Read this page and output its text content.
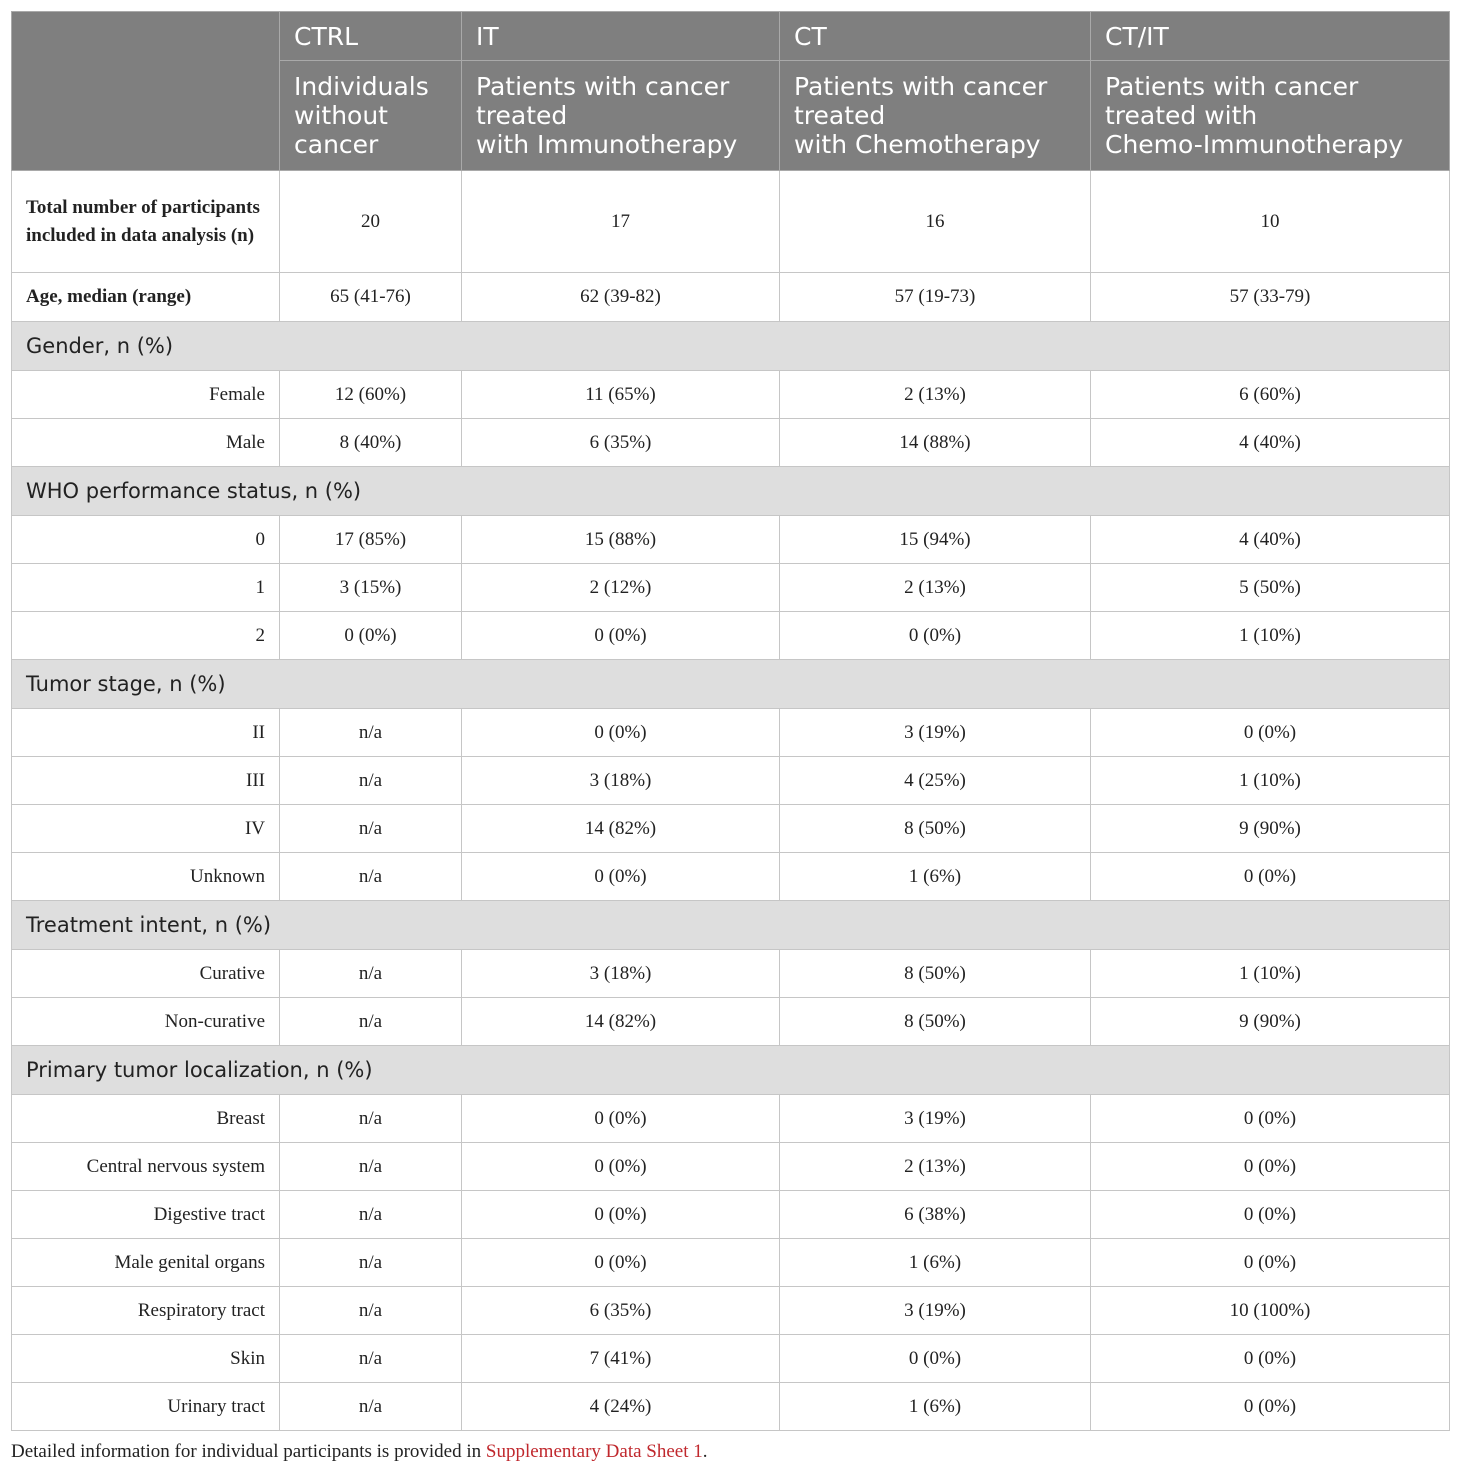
	CTRL	IT	CT	CT/IT
	Individuals
without
cancer	Patients with cancer
treated
with Immunotherapy	Patients with cancer
treated
with Chemotherapy	Patients with cancer
treated with
Chemo-Immunotherapy
Total number of participants included in data analysis (n)	20	17	16	10
Age, median (range)	65 (41-76)	62 (39-82)	57 (19-73)	57 (33-79)
Gender, n (%)				
Female	12 (60%)	11 (65%)	2 (13%)	6 (60%)
Male	8 (40%)	6 (35%)	14 (88%)	4 (40%)
WHO performance status, n (%)				
0	17 (85%)	15 (88%)	15 (94%)	4 (40%)
1	3 (15%)	2 (12%)	2 (13%)	5 (50%)
2	0 (0%)	0 (0%)	0 (0%)	1 (10%)
Tumor stage, n (%)				
II	n/a	0 (0%)	3 (19%)	0 (0%)
III	n/a	3 (18%)	4 (25%)	1 (10%)
IV	n/a	14 (82%)	8 (50%)	9 (90%)
Unknown	n/a	0 (0%)	1 (6%)	0 (0%)
Treatment intent, n (%)				
Curative	n/a	3 (18%)	8 (50%)	1 (10%)
Non-curative	n/a	14 (82%)	8 (50%)	9 (90%)
Primary tumor localization, n (%)				
Breast	n/a	0 (0%)	3 (19%)	0 (0%)
Central nervous system	n/a	0 (0%)	2 (13%)	0 (0%)
Digestive tract	n/a	0 (0%)	6 (38%)	0 (0%)
Male genital organs	n/a	0 (0%)	1 (6%)	0 (0%)
Respiratory tract	n/a	6 (35%)	3 (19%)	10 (100%)
Skin	n/a	7 (41%)	0 (0%)	0 (0%)
Urinary tract	n/a	4 (24%)	1 (6%)	0 (0%)
Detailed information for individual participants is provided in Supplementary Data Sheet 1.
